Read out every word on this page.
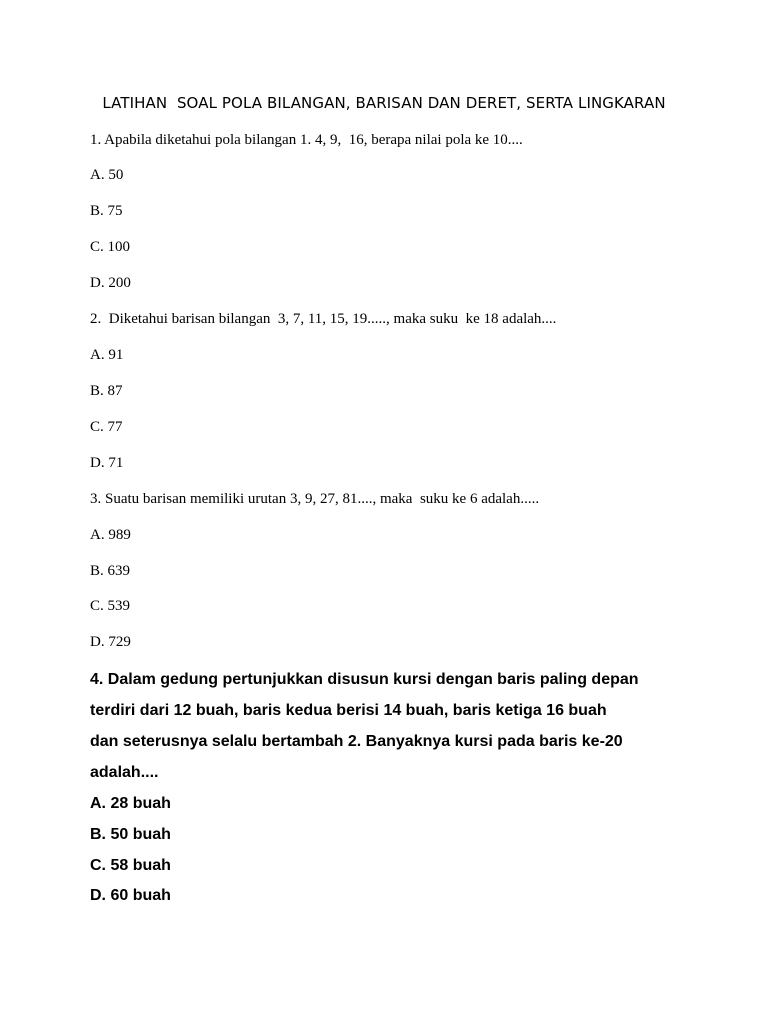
LATIHAN  SOAL POLA BILANGAN, BARISAN DAN DERET, SERTA LINGKARAN
1. Apabila diketahui pola bilangan 1. 4, 9,  16, berapa nilai pola ke 10....
A. 50
B. 75
C. 100
D. 200
2.  Diketahui barisan bilangan  3, 7, 11, 15, 19....., maka suku  ke 18 adalah....
A. 91
B. 87
C. 77
D. 71
3. Suatu barisan memiliki urutan 3, 9, 27, 81...., maka  suku ke 6 adalah.....
A. 989
B. 639
C. 539
D. 729
4. Dalam gedung pertunjukkan disusun kursi dengan baris paling depan
terdiri dari 12 buah, baris kedua berisi 14 buah, baris ketiga 16 buah
dan seterusnya selalu bertambah 2. Banyaknya kursi pada baris ke-20
adalah....
A. 28 buah
B. 50 buah
C. 58 buah
D. 60 buah
